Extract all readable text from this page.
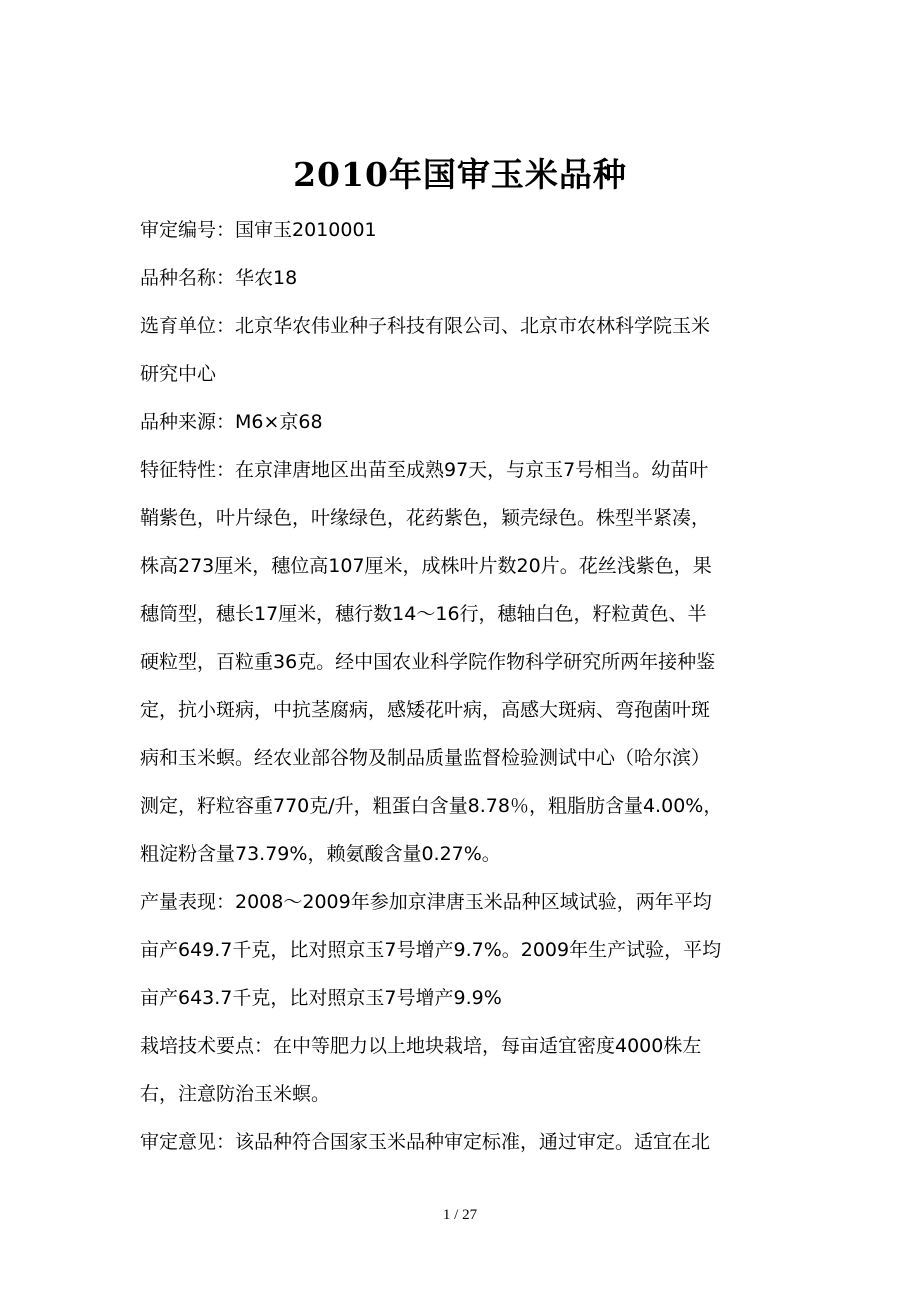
2010年国审玉米品种
审定编号：国审玉2010001
品种名称：华农18
选育单位：北京华农伟业种子科技有限公司、北京市农林科学院玉米
研究中心
品种来源：M6×京68
特征特性：在京津唐地区出苗至成熟97天，与京玉7号相当。幼苗叶
鞘紫色，叶片绿色，叶缘绿色，花药紫色，颖壳绿色。株型半紧凑，
株高273厘米，穗位高107厘米，成株叶片数20片。花丝浅紫色，果
穗筒型，穗长17厘米，穗行数14～16行，穗轴白色，籽粒黄色、半
硬粒型，百粒重36克。经中国农业科学院作物科学研究所两年接种鉴
定，抗小斑病，中抗茎腐病，感矮花叶病，高感大斑病、弯孢菌叶斑
病和玉米螟。经农业部谷物及制品质量监督检验测试中心（哈尔滨）
测定，籽粒容重770克/升，粗蛋白含量8.78％，粗脂肪含量4.00%，
粗淀粉含量73.79%，赖氨酸含量0.27%。
产量表现：2008～2009年参加京津唐玉米品种区域试验，两年平均
亩产649.7千克，比对照京玉7号增产9.7%。2009年生产试验，平均
亩产643.7千克，比对照京玉7号增产9.9%
栽培技术要点：在中等肥力以上地块栽培，每亩适宜密度4000株左
右，注意防治玉米螟。
审定意见：该品种符合国家玉米品种审定标准，通过审定。适宜在北
1 / 27
